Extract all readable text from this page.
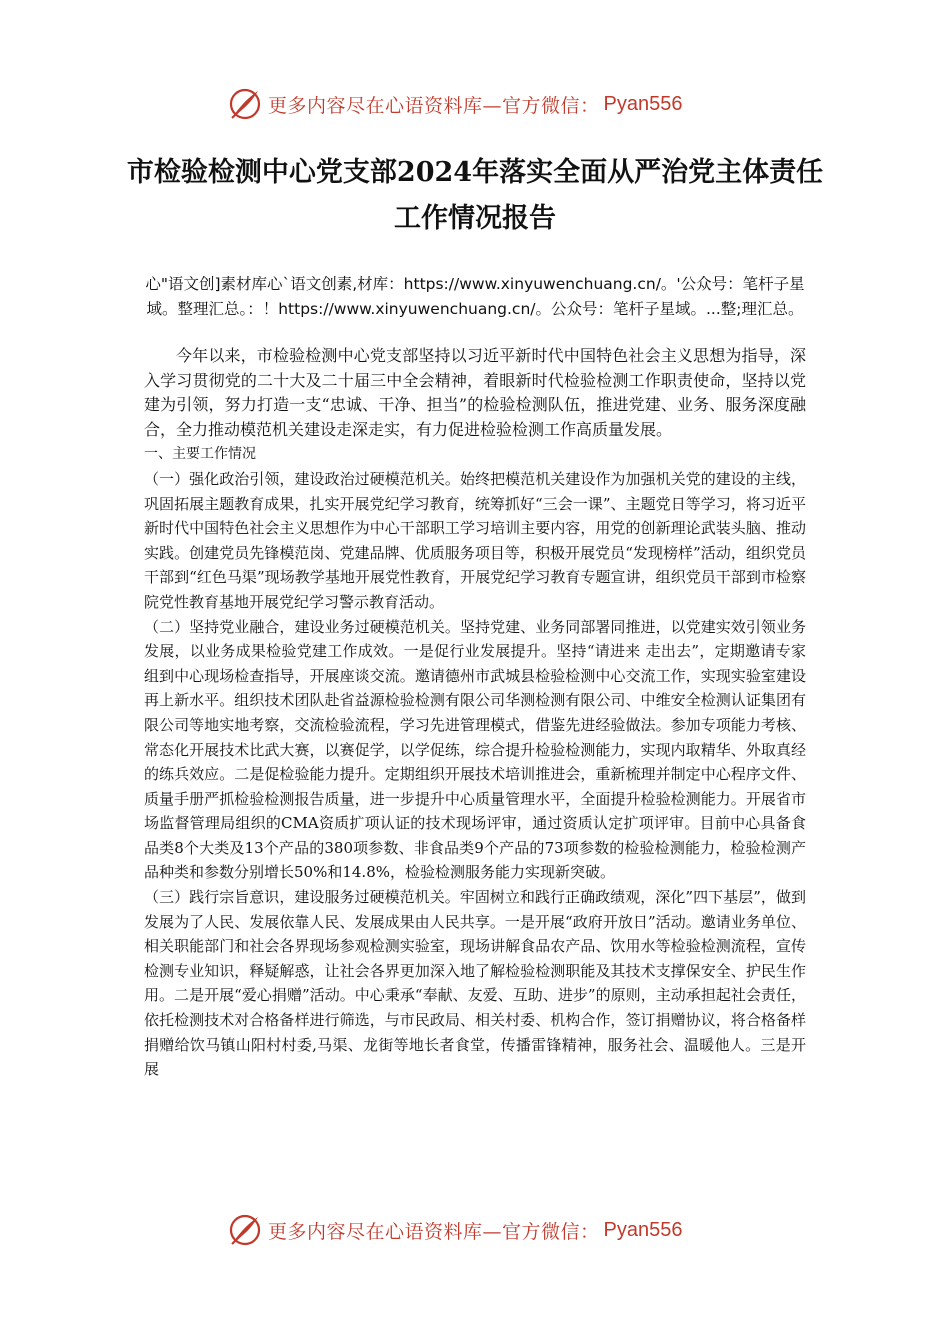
更多内容尽在心语资料库—官方微信： Pyan556
市检验检测中心党支部2024年落实全面从严治党主体责任工作情况报告
心"语文创]素材库心`语文创素,材库：https://www.xinyuwenchuang.cn/。'公众号：笔杆子星域。整理汇总。：！https://www.xinyuwenchuang.cn/。公众号：笔杆子星域。...整;理汇总。

今年以来，市检验检测中心党支部坚持以习近平新时代中国特色社会主义思想为指导，深入学习贯彻党的二十大及二十届三中全会精神，着眼新时代检验检测工作职责使命，坚持以党建为引领，努力打造一支“忠诚、干净、担当”的检验检测队伍，推进党建、业务、服务深度融合，全力推动模范机关建设走深走实，有力促进检验检测工作高质量发展。

一、主要工作情况

（一）强化政治引领，建设政治过硬模范机关。始终把模范机关建设作为加强机关党的建设的主线，巩固拓展主题教育成果，扎实开展党纪学习教育，统筹抓好“三会一课”、主题党日等学习，将习近平新时代中国特色社会主义思想作为中心干部职工学习培训主要内容，用党的创新理论武装头脑、推动实践。创建党员先锋模范岗、党建品牌、优质服务项目等，积极开展党员“发现榜样”活动，组织党员干部到“红色马渠”现场教学基地开展党性教育，开展党纪学习教育专题宣讲，组织党员干部到市检察院党性教育基地开展党纪学习警示教育活动。

（二）坚持党业融合，建设业务过硬模范机关。坚持党建、业务同部署同推进，以党建实效引领业务发展，以业务成果检验党建工作成效。一是促行业发展提升。坚持“请进来 走出去”，定期邀请专家组到中心现场检查指导，开展座谈交流。邀请德州市武城县检验检测中心交流工作，实现实验室建设再上新水平。组织技术团队赴省益源检验检测有限公司华测检测有限公司、中维安全检测认证集团有限公司等地实地考察，交流检验流程，学习先进管理模式，借鉴先进经验做法。参加专项能力考核、常态化开展技术比武大赛，以赛促学，以学促练，综合提升检验检测能力，实现内取精华、外取真经的练兵效应。二是促检验能力提升。定期组织开展技术培训推进会，重新梳理并制定中心程序文件、质量手册严抓检验检测报告质量，进一步提升中心质量管理水平，全面提升检验检测能力。开展省市场监督管理局组织的CMA资质扩项认证的技术现场评审，通过资质认定扩项评审。目前中心具备食品类8个大类及13个产品的380项参数、非食品类9个产品的73项参数的检验检测能力，检验检测产品种类和参数分别增长50%和14.8%，检验检测服务能力实现新突破。

（三）践行宗旨意识，建设服务过硬模范机关。牢固树立和践行正确政绩观，深化”四下基层”，做到发展为了人民、发展依靠人民、发展成果由人民共享。一是开展“政府开放日”活动。邀请业务单位、相关职能部门和社会各界现场参观检测实验室，现场讲解食品农产品、饮用水等检验检测流程，宣传检测专业知识，释疑解惑，让社会各界更加深入地了解检验检测职能及其技术支撑保安全、护民生作用。二是开展“爱心捐赠”活动。中心秉承“奉献、友爱、互助、进步”的原则，主动承担起社会责任，依托检测技术对合格备样进行筛选，与市民政局、相关村委、机构合作，签订捐赠协议，将合格备样捐赠给饮马镇山阳村村委,马渠、龙街等地长者食堂，传播雷锋精神，服务社会、温暖他人。三是开展

更多内容尽在心语资料库—官方微信： Pyan556
